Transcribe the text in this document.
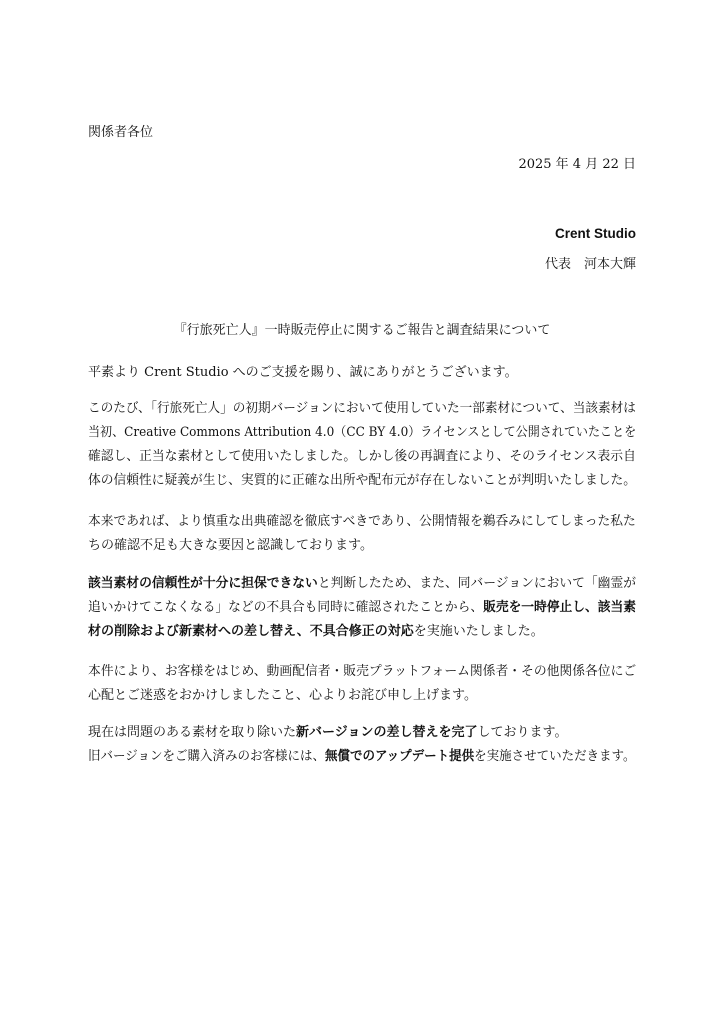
関係者各位
2025 年 4 月 22 日
Crent Studio
代表　河本大輝
『行旅死亡人』一時販売停止に関するご報告と調査結果について
平素より Crent Studio へのご支援を賜り、誠にありがとうございます。
このたび、「行旅死亡人」の初期バージョンにおいて使用していた一部素材について、当該素材は
当初、Creative Commons Attribution 4.0（CC BY 4.0）ライセンスとして公開されていたことを
確認し、正当な素材として使用いたしました。しかし後の再調査により、そのライセンス表示自
体の信頼性に疑義が生じ、実質的に正確な出所や配布元が存在しないことが判明いたしました。
本来であれば、より慎重な出典確認を徹底すべきであり、公開情報を鵜呑みにしてしまった私た
ちの確認不足も大きな要因と認識しております。
該当素材の信頼性が十分に担保できないと判断したため、また、同バージョンにおいて「幽霊が
追いかけてこなくなる」などの不具合も同時に確認されたことから、販売を一時停止し、該当素
材の削除および新素材への差し替え、不具合修正の対応を実施いたしました。
本件により、お客様をはじめ、動画配信者・販売プラットフォーム関係者・その他関係各位にご
心配とご迷惑をおかけしましたこと、心よりお詫び申し上げます。
現在は問題のある素材を取り除いた新バージョンの差し替えを完了しております。
旧バージョンをご購入済みのお客様には、無償でのアップデート提供を実施させていただきます。
